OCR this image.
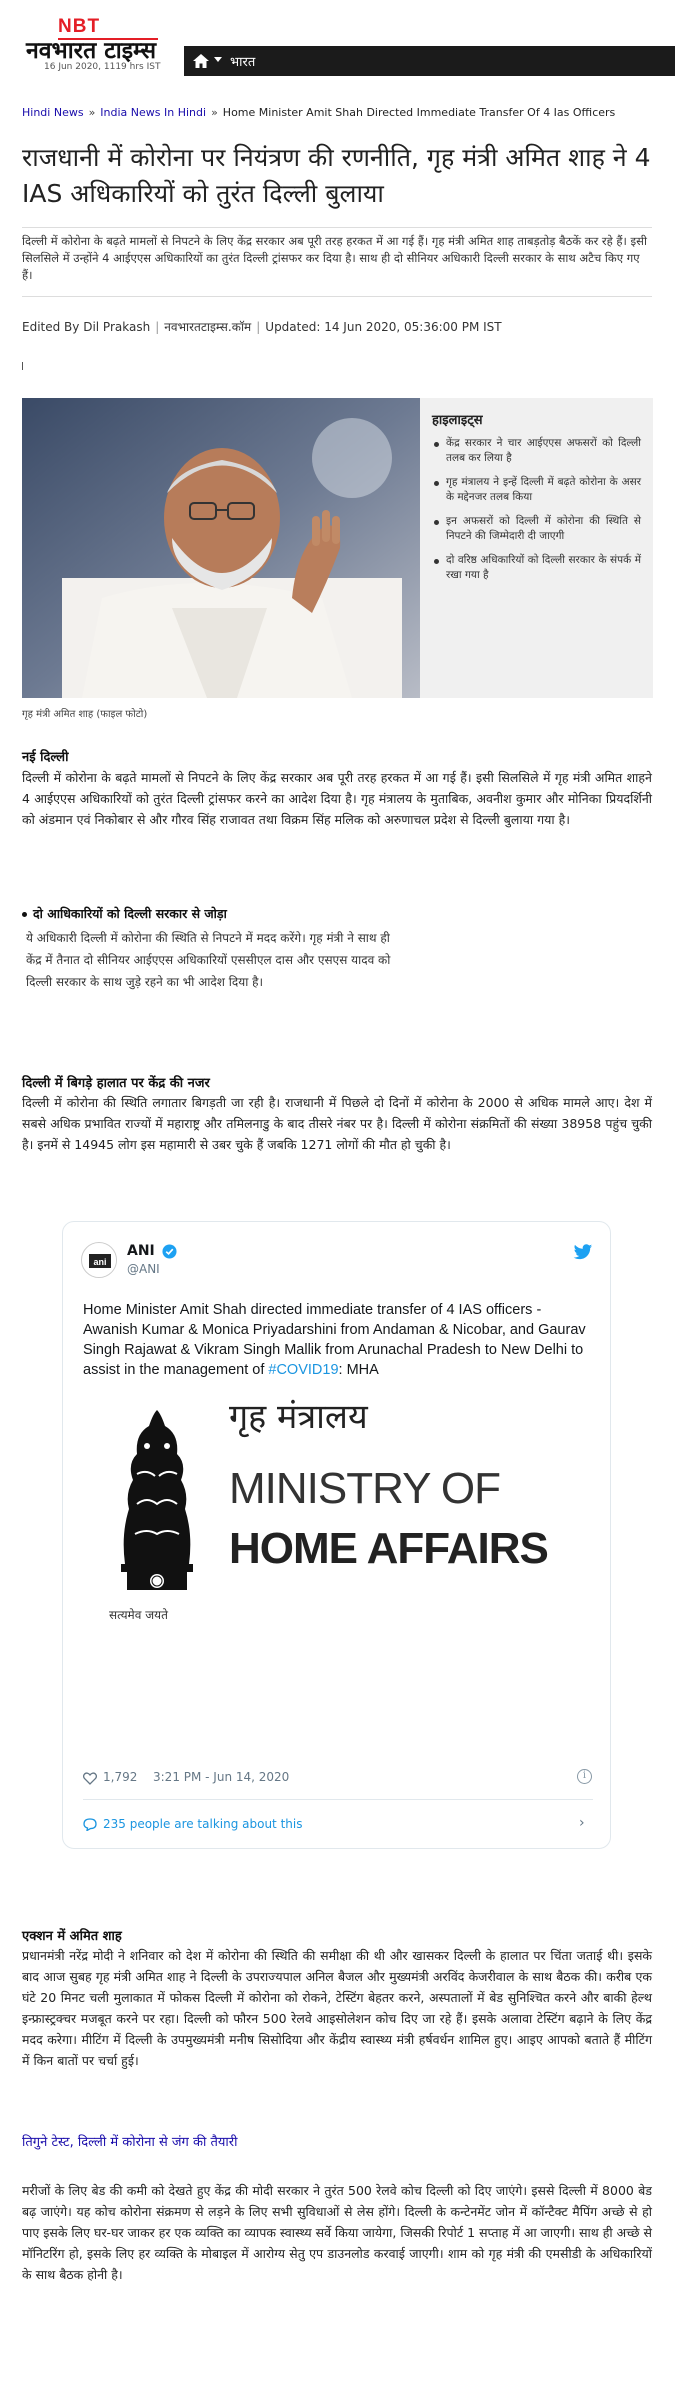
NBT
नवभारत टाइम्स
16 Jun 2020, 1119 hrs IST	भारत
Hindi News » India News In Hindi » Home Minister Amit Shah Directed Immediate Transfer Of 4 Ias Officers
राजधानी में कोरोना पर नियंत्रण की रणनीति, गृह मंत्री अमित शाह ने 4 IAS अधिकारियों को तुरंत दिल्ली बुलाया

दिल्ली में कोरोना के बढ़ते मामलों से निपटने के लिए केंद्र सरकार अब पूरी तरह हरकत में आ गई हैं। गृह मंत्री अमित शाह ताबड़तोड़ बैठकें कर रहे हैं। इसी सिलसिले में उन्होंने 4 आईएएस अधिकारियों का तुरंत दिल्ली ट्रांसफर कर दिया है। साथ ही दो सीनियर अधिकारी दिल्ली सरकार के साथ अटैच किए गए हैं।

Edited By Dil Prakash | नवभारतटाइम्स.कॉम | Updated: 14 Jun 2020, 05:36:00 PM IST
गृह मंत्री अमित शाह (फाइल फोटो)
हाइलाइट्स
केंद्र सरकार ने चार आईएएस अफसरों को दिल्ली तलब कर लिया है
गृह मंत्रालय ने इन्हें दिल्ली में बढ़ते कोरोना के असर के मद्देनजर तलब किया
इन अफसरों को दिल्ली में कोरोना की स्थिति से निपटने की जिम्मेदारी दी जाएगी
दो वरिष्ठ अधिकारियों को दिल्ली सरकार के संपर्क में रखा गया है
नई दिल्ली

दिल्ली में कोरोना के बढ़ते मामलों से निपटने के लिए केंद्र सरकार अब पूरी तरह हरकत में आ गई हैं। इसी सिलसिले में गृह मंत्री अमित शाहने 4 आईएएस अधिकारियों को तुरंत दिल्ली ट्रांसफर करने का आदेश दिया है। गृह मंत्रालय के मुताबिक, अवनीश कुमार और मोनिका प्रियदर्शिनी को अंडमान एवं निकोबार से और गौरव सिंह राजावत तथा विक्रम सिंह मलिक को अरुणाचल प्रदेश से दिल्ली बुलाया गया है।

दो आधिकारियों को दिल्ली सरकार से जोड़ा

ये अधिकारी दिल्ली में कोरोना की स्थिति से निपटने में मदद करेंगे। गृह मंत्री ने साथ ही केंद्र में तैनात दो सीनियर आईएएस अधिकारियों एससीएल दास और एसएस यादव को दिल्ली सरकार के साथ जुड़े रहने का भी आदेश दिया है।

दिल्ली में बिगड़े हालात पर केंद्र की नजर

दिल्ली में कोरोना की स्थिति लगातार बिगड़ती जा रही है। राजधानी में पिछले दो दिनों में कोरोना के 2000 से अधिक मामले आए। देश में सबसे अधिक प्रभावित राज्यों में महाराष्ट्र और तमिलनाडु के बाद तीसरे नंबर पर है। दिल्ली में कोरोना संक्रमितों की संख्या 38958 पहुंच चुकी है। इनमें से 14945 लोग इस महामारी से उबर चुके हैं जबकि 1271 लोगों की मौत हो चुकी है।

ani
ANI
@ANI

Home Minister Amit Shah directed immediate transfer of 4 IAS officers - Awanish Kumar & Monica Priyadarshini from Andaman & Nicobar, and Gaurav Singh Rajawat & Vikram Singh Mallik from Arunachal Pradesh to New Delhi to assist in the management of #COVID19: MHA

गृह मंत्रालय
MINISTRY OF
HOME AFFAIRS
सत्यमेव जयते
1,792 3:21 PM - Jun 14, 2020	i
235 people are talking about this	›
एक्शन में अमित शाह

प्रधानमंत्री नरेंद्र मोदी ने शनिवार को देश में कोरोना की स्थिति की समीक्षा की थी और खासकर दिल्ली के हालात पर चिंता जताई थी। इसके बाद आज सुबह गृह मंत्री अमित शाह ने दिल्ली के उपराज्यपाल अनिल बैजल और मुख्यमंत्री अरविंद केजरीवाल के साथ बैठक की। करीब एक घंटे 20 मिनट चली मुलाकात में फोकस दिल्ली में कोरोना को रोकने, टेस्टिंग बेहतर करने, अस्पतालों में बेड सुनिश्चित करने और बाकी हेल्थ इन्फ्रास्ट्रक्चर मजबूत करने पर रहा। दिल्ली को फौरन 500 रेलवे आइसोलेशन कोच दिए जा रहे हैं। इसके अलावा टेस्टिंग बढ़ाने के लिए केंद्र मदद करेगा। मीटिंग में दिल्ली के उपमुख्यमंत्री मनीष सिसोदिया और केंद्रीय स्वास्थ्य मंत्री हर्षवर्धन शामिल हुए। आइए आपको बताते हैं मीटिंग में किन बातों पर चर्चा हुई।

तिगुने टेस्ट, दिल्ली में कोरोना से जंग की तैयारी

मरीजों के लिए बेड की कमी को देखते हुए केंद्र की मोदी सरकार ने तुरंत 500 रेलवे कोच दिल्ली को दिए जाएंगे। इससे दिल्ली में 8000 बेड बढ़ जाएंगे। यह कोच कोरोना संक्रमण से लड़ने के लिए सभी सुविधाओं से लेस होंगे। दिल्ली के कन्टेनमेंट जोन में कॉन्टैक्ट मैपिंग अच्छे से हो पाए इसके लिए घर-घर जाकर हर एक व्यक्ति का व्यापक स्वास्थ्य सर्वे किया जायेगा, जिसकी रिपोर्ट 1 सप्ताह में आ जाएगी। साथ ही अच्छे से मॉनिटरिंग हो, इसके लिए हर व्यक्ति के मोबाइल में आरोग्य सेतु एप डाउनलोड करवाई जाएगी। शाम को गृह मंत्री की एमसीडी के अधिकारियों के साथ बैठक होनी है।
